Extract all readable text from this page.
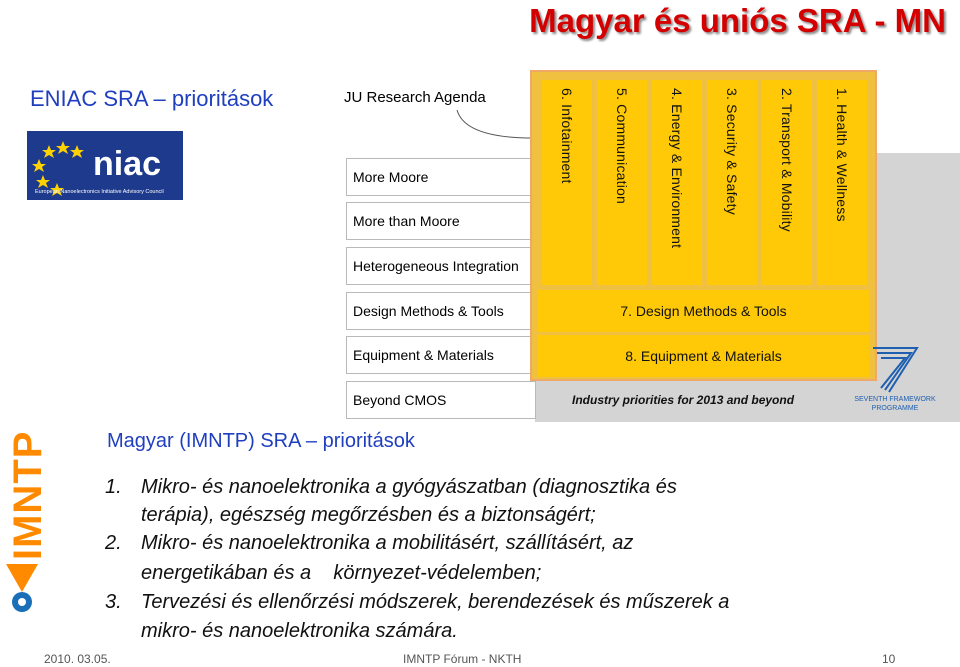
Magyar és uniós SRA - MN
ENIAC SRA – prioritások
niac
European Nanoelectronics Initiative Advisory Council
JU Research Agenda
More Moore
More than Moore
Heterogeneous Integration
Design Methods & Tools
Equipment & Materials
Beyond CMOS
1. Health & Wellness
2. Transport & Mobility
3. Security & Safety
4. Energy & Environment
5. Communication
6. Infotainment
7. Design Methods & Tools
8. Equipment & Materials
Industry priorities for 2013 and beyond	SEVENTH FRAMEWORK
PROGRAMME
IMNTP	Magyar (IMNTP) SRA – prioritások
1. Mikro- és nanoelektronika a gyógyászatban (diagnosztika és
terápia), egészség megőrzésben és a biztonságért;
2. Mikro- és nanoelektronika a mobilitásért, szállításért, az
energetikában és a    környezet-védelemben;
3. Tervezési és ellenőrzési módszerek, berendezések és műszerek a
mikro- és nanoelektronika számára.
2010. 03.05.	IMNTP Fórum - NKTH	10
